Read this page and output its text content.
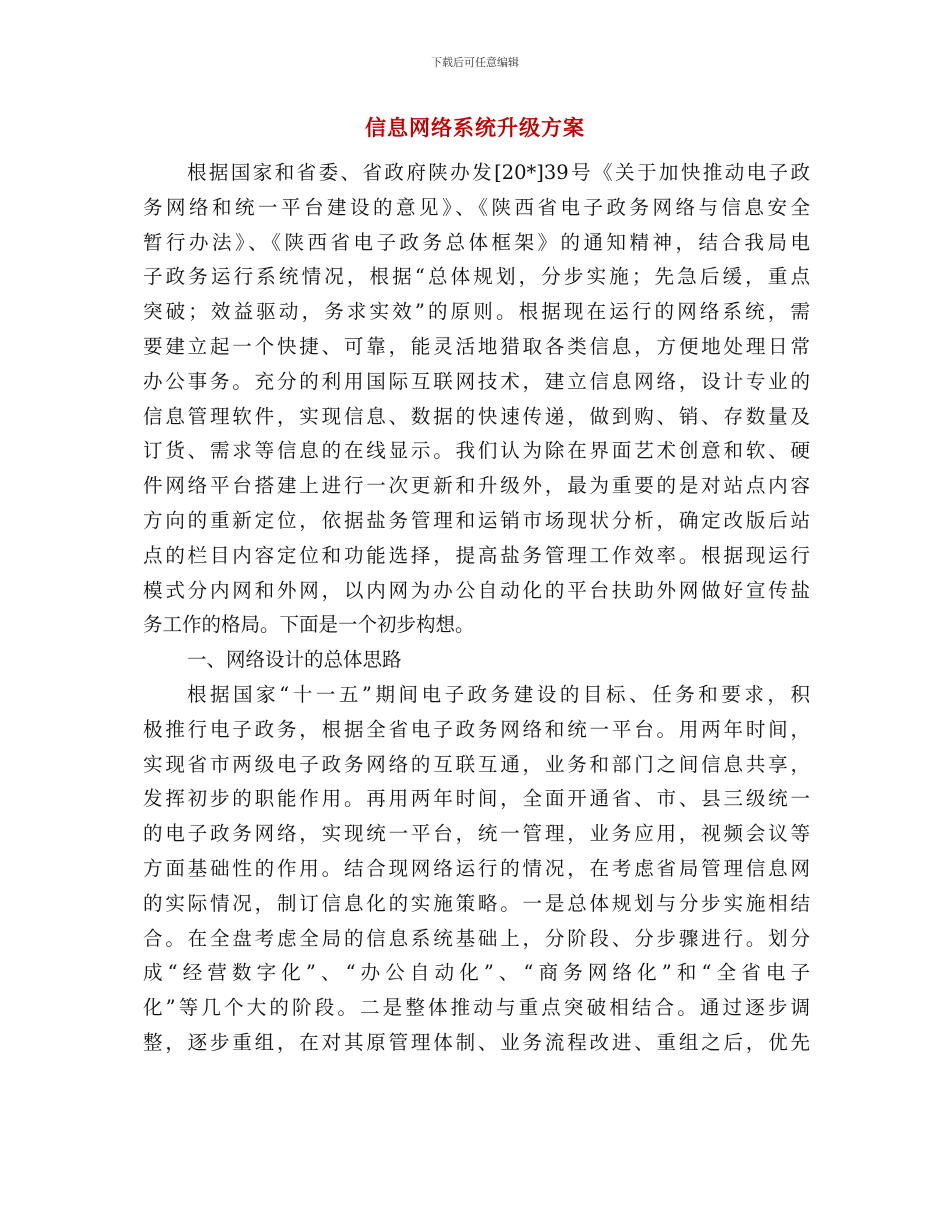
下载后可任意编辑
信息网络系统升级方案
根据国家和省委、省政府陕办发[20*]39号《关于加快推动电子政
务网络和统一平台建设的意见》、《陕西省电子政务网络与信息安全
暂行办法》、《陕西省电子政务总体框架》的通知精神，结合我局电
子政务运行系统情况，根据“总体规划，分步实施；先急后缓，重点
突破；效益驱动，务求实效”的原则。根据现在运行的网络系统，需
要建立起一个快捷、可靠，能灵活地猎取各类信息，方便地处理日常
办公事务。充分的利用国际互联网技术，建立信息网络，设计专业的
信息管理软件，实现信息、数据的快速传递，做到购、销、存数量及
订货、需求等信息的在线显示。我们认为除在界面艺术创意和软、硬
件网络平台搭建上进行一次更新和升级外，最为重要的是对站点内容
方向的重新定位，依据盐务管理和运销市场现状分析，确定改版后站
点的栏目内容定位和功能选择，提高盐务管理工作效率。根据现运行
模式分内网和外网，以内网为办公自动化的平台扶助外网做好宣传盐
务工作的格局。下面是一个初步构想。
一、网络设计的总体思路
根据国家“十一五”期间电子政务建设的目标、任务和要求，积
极推行电子政务，根据全省电子政务网络和统一平台。用两年时间，
实现省市两级电子政务网络的互联互通，业务和部门之间信息共享，
发挥初步的职能作用。再用两年时间，全面开通省、市、县三级统一
的电子政务网络，实现统一平台，统一管理，业务应用，视频会议等
方面基础性的作用。结合现网络运行的情况，在考虑省局管理信息网
的实际情况，制订信息化的实施策略。一是总体规划与分步实施相结
合。在全盘考虑全局的信息系统基础上，分阶段、分步骤进行。划分
成“经营数字化”、“办公自动化”、“商务网络化”和“全省电子
化”等几个大的阶段。二是整体推动与重点突破相结合。通过逐步调
整，逐步重组，在对其原管理体制、业务流程改进、重组之后，优先
